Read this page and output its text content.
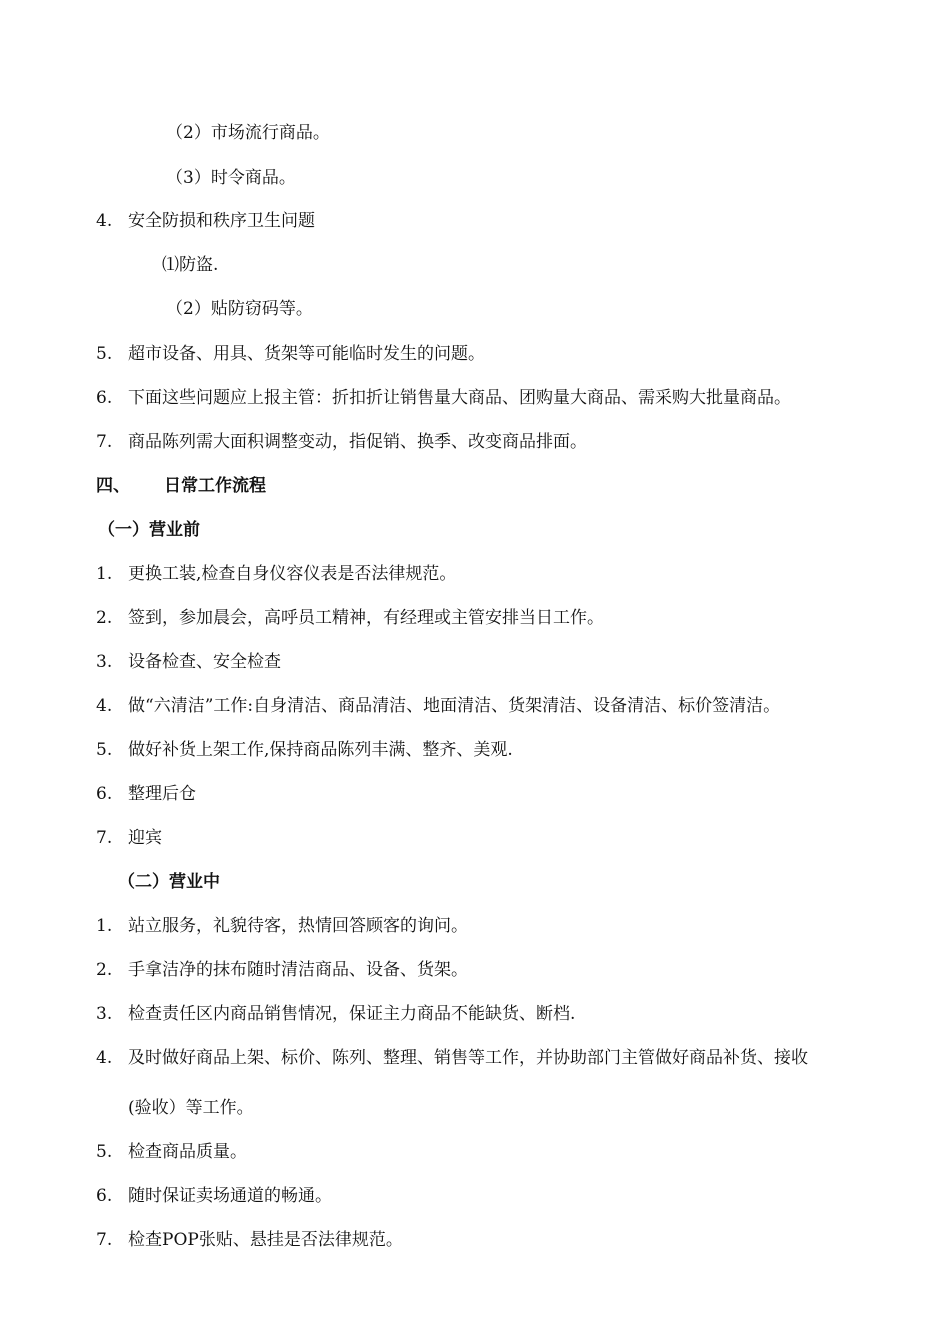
（2）市场流行商品。
（3）时令商品。
4. 安全防损和秩序卫生问题
⑴防盗.
（2）贴防窃码等。
5. 超市设备、用具、货架等可能临时发生的问题。
6. 下面这些问题应上报主管：折扣折让销售量大商品、团购量大商品、需采购大批量商品。
7. 商品陈列需大面积调整变动，指促销、换季、改变商品排面。
四、 日常工作流程
（一）营业前
1. 更换工装,检查自身仪容仪表是否法律规范。
2. 签到，参加晨会，高呼员工精神，有经理或主管安排当日工作。
3. 设备检查、安全检查
4. 做“六清洁”工作:自身清洁、商品清洁、地面清洁、货架清洁、设备清洁、标价签清洁。
5. 做好补货上架工作,保持商品陈列丰满、整齐、美观.
6. 整理后仓
7. 迎宾
（二）营业中
1. 站立服务，礼貌待客，热情回答顾客的询问。
2. 手拿洁净的抹布随时清洁商品、设备、货架。
3. 检查责任区内商品销售情况，保证主力商品不能缺货、断档.
4. 及时做好商品上架、标价、陈列、整理、销售等工作，并协助部门主管做好商品补货、接收
(验收）等工作。
5. 检查商品质量。
6. 随时保证卖场通道的畅通。
7. 检查POP张贴、悬挂是否法律规范。
